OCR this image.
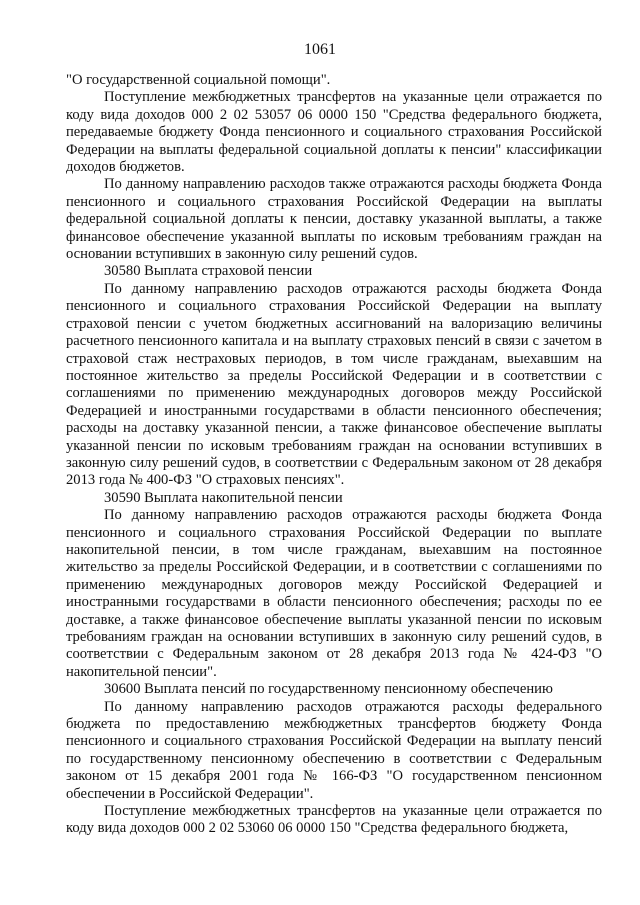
1061

"О государственной социальной помощи".

Поступление межбюджетных трансфертов на указанные цели отражается по коду вида доходов 000 2 02 53057 06 0000 150 "Средства федерального бюджета, передаваемые бюджету Фонда пенсионного и социального страхования Российской Федерации на выплаты федеральной социальной доплаты к пенсии" классификации доходов бюджетов.

По данному направлению расходов также отражаются расходы бюджета Фонда пенсионного и социального страхования Российской Федерации на выплаты федеральной социальной доплаты к пенсии, доставку указанной выплаты, а также финансовое обеспечение указанной выплаты по исковым требованиям граждан на основании вступивших в законную силу решений судов.

30580 Выплата страховой пенсии

По данному направлению расходов отражаются расходы бюджета Фонда пенсионного и социального страхования Российской Федерации на выплату страховой пенсии с учетом бюджетных ассигнований на валоризацию величины расчетного пенсионного капитала и на выплату страховых пенсий в связи с зачетом в страховой стаж нестраховых периодов, в том числе гражданам, выехавшим на постоянное жительство за пределы Российской Федерации и в соответствии с соглашениями по применению международных договоров между Российской Федерацией и иностранными государствами в области пенсионного обеспечения; расходы на доставку указанной пенсии, а также финансовое обеспечение выплаты указанной пенсии по исковым требованиям граждан на основании вступивших в законную силу решений судов, в соответствии с Федеральным законом от 28 декабря 2013 года № 400-ФЗ "О страховых пенсиях".

30590 Выплата накопительной пенсии

По данному направлению расходов отражаются расходы бюджета Фонда пенсионного и социального страхования Российской Федерации по выплате накопительной пенсии, в том числе гражданам, выехавшим на постоянное жительство за пределы Российской Федерации, и в соответствии с соглашениями по применению международных договоров между Российской Федерацией и иностранными государствами в области пенсионного обеспечения; расходы по ее доставке, а также финансовое обеспечение выплаты указанной пенсии по исковым требованиям граждан на основании вступивших в законную силу решений судов, в соответствии с Федеральным законом от 28 декабря 2013 года № 424-ФЗ "О накопительной пенсии".

30600 Выплата пенсий по государственному пенсионному обеспечению

По данному направлению расходов отражаются расходы федерального бюджета по предоставлению межбюджетных трансфертов бюджету Фонда пенсионного и социального страхования Российской Федерации на выплату пенсий по государственному пенсионному обеспечению в соответствии с Федеральным законом от 15 декабря 2001 года № 166-ФЗ "О государственном пенсионном обеспечении в Российской Федерации".

Поступление межбюджетных трансфертов на указанные цели отражается по коду вида доходов 000 2 02 53060 06 0000 150 "Средства федерального бюджета,
